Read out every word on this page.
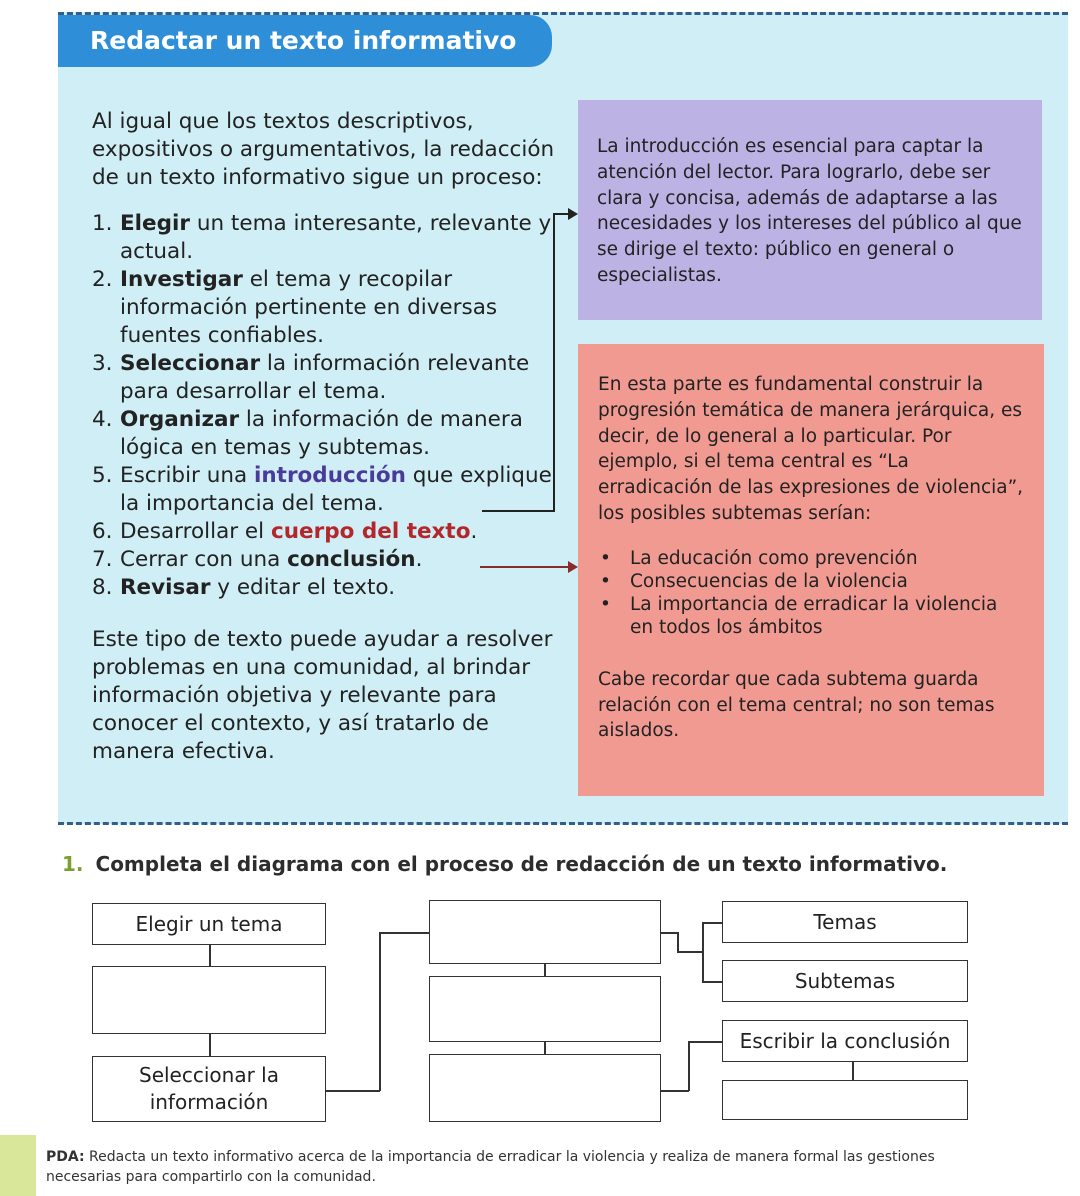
Redactar un texto informativo

Al igual que los textos descriptivos, expositivos o argumentativos, la redacción de un texto informativo sigue un proceso:

1. Elegir un tema interesante, relevante y actual.
2. Investigar el tema y recopilar información pertinente en diversas fuentes confiables.
3. Seleccionar la información relevante para desarrollar el tema.
4. Organizar la información de manera lógica en temas y subtemas.
5. Escribir una introducción que explique la importancia del tema.
6. Desarrollar el cuerpo del texto.
7. Cerrar con una conclusión.
8. Revisar y editar el texto.

Este tipo de texto puede ayudar a resolver problemas en una comunidad, al brindar información objetiva y relevante para conocer el contexto, y así tratarlo de manera efectiva.

La introducción es esencial para captar la atención del lector. Para lograrlo, debe ser clara y concisa, además de adaptarse a las necesidades y los intereses del público al que se dirige el texto: público en general o especialistas.

En esta parte es fundamental construir la progresión temática de manera jerárquica, es decir, de lo general a lo particular. Por ejemplo, si el tema central es “La erradicación de las expresiones de violencia”, los posibles subtemas serían:

• La educación como prevención
• Consecuencias de la violencia
• La importancia de erradicar la violencia en todos los ámbitos

Cabe recordar que cada subtema guarda relación con el tema central; no son temas aislados.

1. Completa el diagrama con el proceso de redacción de un texto informativo.
Elegir un tema
Seleccionar la información
Temas
Subtemas
Escribir la conclusión
PDA: Redacta un texto informativo acerca de la importancia de erradicar la violencia y realiza de manera formal las gestiones necesarias para compartirlo con la comunidad.
